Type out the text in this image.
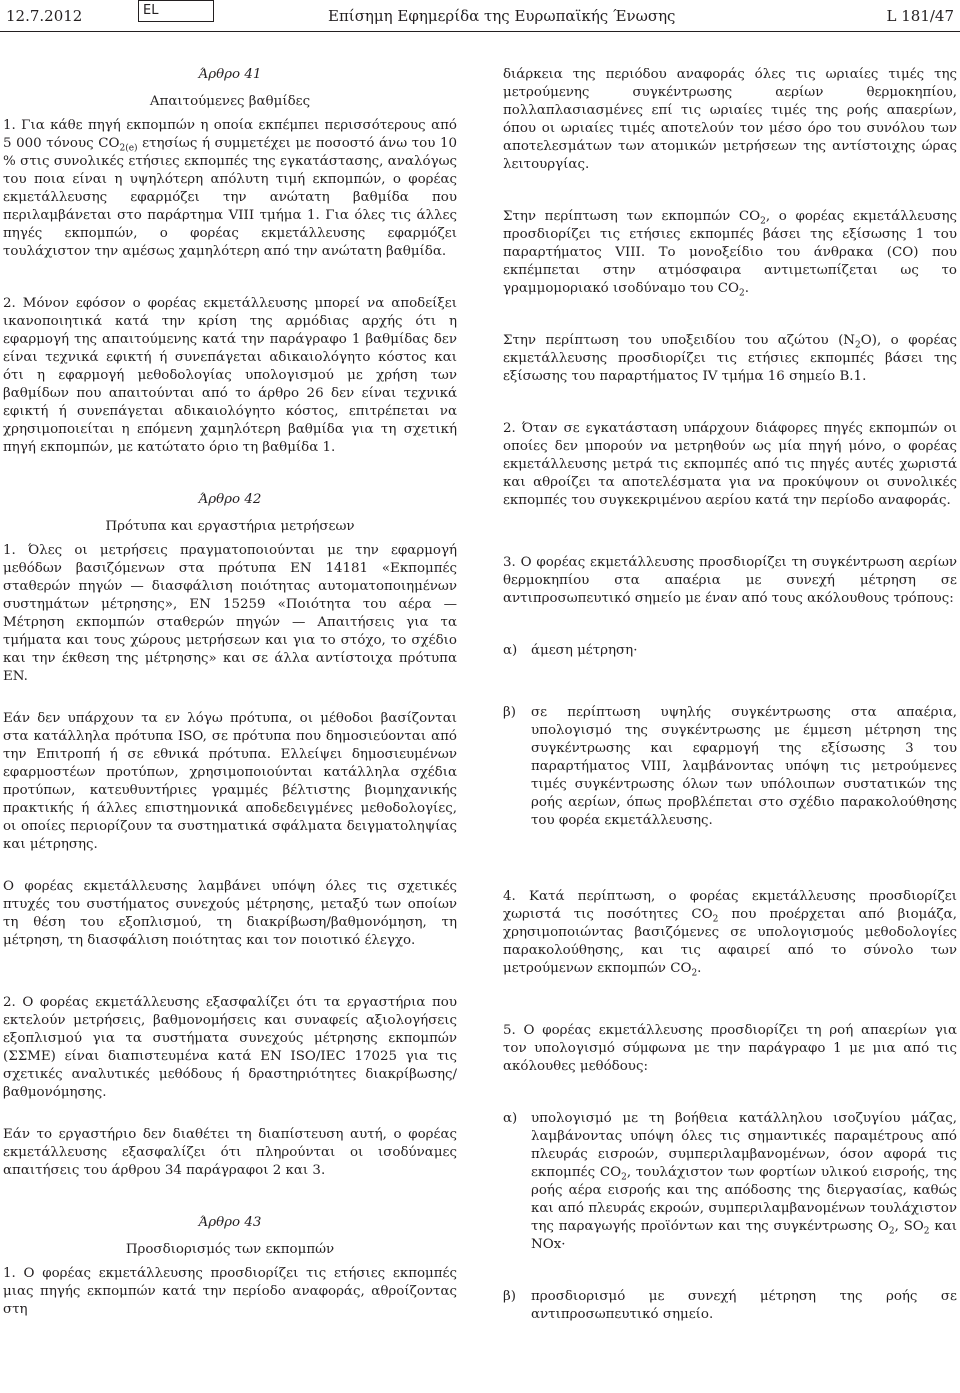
12.7.2012	EL	Επίσημη Εφημερίδα της Ευρωπαϊκής Ένωσης	L 181/47
Άρθρο 41
Απαιτούμενες βαθμίδες

1. Για κάθε πηγή εκπομπών η οποία εκπέμπει περισσότερους από 5 000 τόνους $CO_{2(e)}$ ετησίως ή συμμετέχει με ποσοστό άνω του 10 % στις συνολικές ετήσιες εκπομπές της εγκατάστασης, αναλόγως του ποια είναι η υψηλότερη απόλυτη τιμή εκπομπών, ο φορέας εκμετάλλευσης εφαρμόζει την ανώτατη βαθμίδα που περιλαμβάνεται στο παράρτημα VIII τμήμα 1. Για όλες τις άλλες πηγές εκπομπών, ο φορέας εκμετάλλευσης εφαρμόζει τουλάχιστον την αμέσως χαμηλότερη από την ανώτατη βαθμίδα.

2. Μόνον εφόσον ο φορέας εκμετάλλευσης μπορεί να αποδείξει ικανοποιητικά κατά την κρίση της αρμόδιας αρχής ότι η εφαρμογή της απαιτούμενης κατά την παράγραφο 1 βαθμίδας δεν είναι τεχνικά εφικτή ή συνεπάγεται αδικαιολόγητο κόστος και ότι η εφαρμογή μεθοδολογίας υπολογισμού με χρήση των βαθμίδων που απαιτούνται από το άρθρο 26 δεν είναι τεχνικά εφικτή ή συνεπάγεται αδικαιολόγητο κόστος, επιτρέπεται να χρησιμοποιείται η επόμενη χαμηλότερη βαθμίδα για τη σχετική πηγή εκπομπών, με κατώτατο όριο τη βαθμίδα 1.

Άρθρο 42
Πρότυπα και εργαστήρια μετρήσεων

1. Όλες οι μετρήσεις πραγματοποιούνται με την εφαρμογή μεθόδων βασιζόμενων στα πρότυπα EN 14181 «Εκπομπές σταθερών πηγών — διασφάλιση ποιότητας αυτοματοποιημένων συστημάτων μέτρησης», EN 15259 «Ποιότητα του αέρα — Μέτρηση εκπομπών σταθερών πηγών — Απαιτήσεις για τα τμήματα και τους χώρους μετρήσεων και για το στόχο, το σχέδιο και την έκθεση της μέτρησης» και σε άλλα αντίστοιχα πρότυπα EN.

Εάν δεν υπάρχουν τα εν λόγω πρότυπα, οι μέθοδοι βασίζονται στα κατάλληλα πρότυπα ISO, σε πρότυπα που δημοσιεύονται από την Επιτροπή ή σε εθνικά πρότυπα. Ελλείψει δημοσιευμένων εφαρμοστέων προτύπων, χρησιμοποιούνται κατάλληλα σχέδια προτύπων, κατευθυντήριες γραμμές βέλτιστης βιομηχανικής πρακτικής ή άλλες επιστημονικά αποδεδειγμένες μεθοδολογίες, οι οποίες περιορίζουν τα συστηματικά σφάλματα δειγματοληψίας και μέτρησης.

Ο φορέας εκμετάλλευσης λαμβάνει υπόψη όλες τις σχετικές πτυχές του συστήματος συνεχούς μέτρησης, μεταξύ των οποίων τη θέση του εξοπλισμού, τη διακρίβωση/βαθμονόμηση, τη μέτρηση, τη διασφάλιση ποιότητας και τον ποιοτικό έλεγχο.

2. Ο φορέας εκμετάλλευσης εξασφαλίζει ότι τα εργαστήρια που εκτελούν μετρήσεις, βαθμονομήσεις και συναφείς αξιολογήσεις εξοπλισμού για τα συστήματα συνεχούς μέτρησης εκπομπών (ΣΣΜΕ) είναι διαπιστευμένα κατά EN ISO/IEC 17025 για τις σχετικές αναλυτικές μεθόδους ή δραστηριότητες διακρίβωσης/βαθμονόμησης.

Εάν το εργαστήριο δεν διαθέτει τη διαπίστευση αυτή, ο φορέας εκμετάλλευσης εξασφαλίζει ότι πληρούνται οι ισοδύναμες απαιτήσεις του άρθρου 34 παράγραφοι 2 και 3.

Άρθρο 43
Προσδιορισμός των εκπομπών

1. Ο φορέας εκμετάλλευσης προσδιορίζει τις ετήσιες εκπομπές μιας πηγής εκπομπών κατά την περίοδο αναφοράς, αθροίζοντας στη

διάρκεια της περιόδου αναφοράς όλες τις ωριαίες τιμές της μετρούμενης συγκέντρωσης αερίων θερμοκηπίου, πολλαπλασιασμένες επί τις ωριαίες τιμές της ροής απαερίων, όπου οι ωριαίες τιμές αποτελούν τον μέσο όρο του συνόλου των αποτελεσμάτων των ατομικών μετρήσεων της αντίστοιχης ώρας λειτουργίας.

Στην περίπτωση των εκπομπών $CO_2$, ο φορέας εκμετάλλευσης προσδιορίζει τις ετήσιες εκπομπές βάσει της εξίσωσης 1 του παραρτήματος VIII. Το μονοξείδιο του άνθρακα (CO) που εκπέμπεται στην ατμόσφαιρα αντιμετωπίζεται ως το γραμμομοριακό ισοδύναμο του $CO_2$.

Στην περίπτωση του υποξειδίου του αζώτου $(N_2O)$, ο φορέας εκμετάλλευσης προσδιορίζει τις ετήσιες εκπομπές βάσει της εξίσωσης του παραρτήματος IV τμήμα 16 σημείο Β.1.

2. Όταν σε εγκατάσταση υπάρχουν διάφορες πηγές εκπομπών οι οποίες δεν μπορούν να μετρηθούν ως μία πηγή μόνο, ο φορέας εκμετάλλευσης μετρά τις εκπομπές από τις πηγές αυτές χωριστά και αθροίζει τα αποτελέσματα για να προκύψουν οι συνολικές εκπομπές του συγκεκριμένου αερίου κατά την περίοδο αναφοράς.

3. Ο φορέας εκμετάλλευσης προσδιορίζει τη συγκέντρωση αερίων θερμοκηπίου στα απαέρια με συνεχή μέτρηση σε αντιπροσωπευτικό σημείο με έναν από τους ακόλουθους τρόπους:

α)	άμεση μέτρηση·
β)	σε περίπτωση υψηλής συγκέντρωσης στα απαέρια, υπολογισμό της συγκέντρωσης με έμμεση μέτρηση της συγκέντρωσης και εφαρμογή της εξίσωσης 3 του παραρτήματος VIII, λαμβάνοντας υπόψη τις μετρούμενες τιμές συγκέντρωσης όλων των υπόλοιπων συστατικών της ροής αερίων, όπως προβλέπεται στο σχέδιο παρακολούθησης του φορέα εκμετάλλευσης.

4. Κατά περίπτωση, ο φορέας εκμετάλλευσης προσδιορίζει χωριστά τις ποσότητες $CO_2$ που προέρχεται από βιομάζα, χρησιμοποιώντας βασιζόμενες σε υπολογισμούς μεθοδολογίες παρακολούθησης, και τις αφαιρεί από το σύνολο των μετρούμενων εκπομπών $CO_2$.

5. Ο φορέας εκμετάλλευσης προσδιορίζει τη ροή απαερίων για τον υπολογισμό σύμφωνα με την παράγραφο 1 με μια από τις ακόλουθες μεθόδους:

α)	υπολογισμό με τη βοήθεια κατάλληλου ισοζυγίου μάζας, λαμβάνοντας υπόψη όλες τις σημαντικές παραμέτρους από πλευράς εισροών, συμπεριλαμβανομένων, όσον αφορά τις εκπομπές $CO_2$, τουλάχιστον των φορτίων υλικού εισροής, της ροής αέρα εισροής και της απόδοσης της διεργασίας, καθώς και από πλευράς εκροών, συμπεριλαμβανομένων τουλάχιστον της παραγωγής προϊόντων και της συγκέντρωσης $O_2$, $SO_2$ και NOx·
β)	προσδιορισμό με συνεχή μέτρηση της ροής σε αντιπροσωπευτικό σημείο.
